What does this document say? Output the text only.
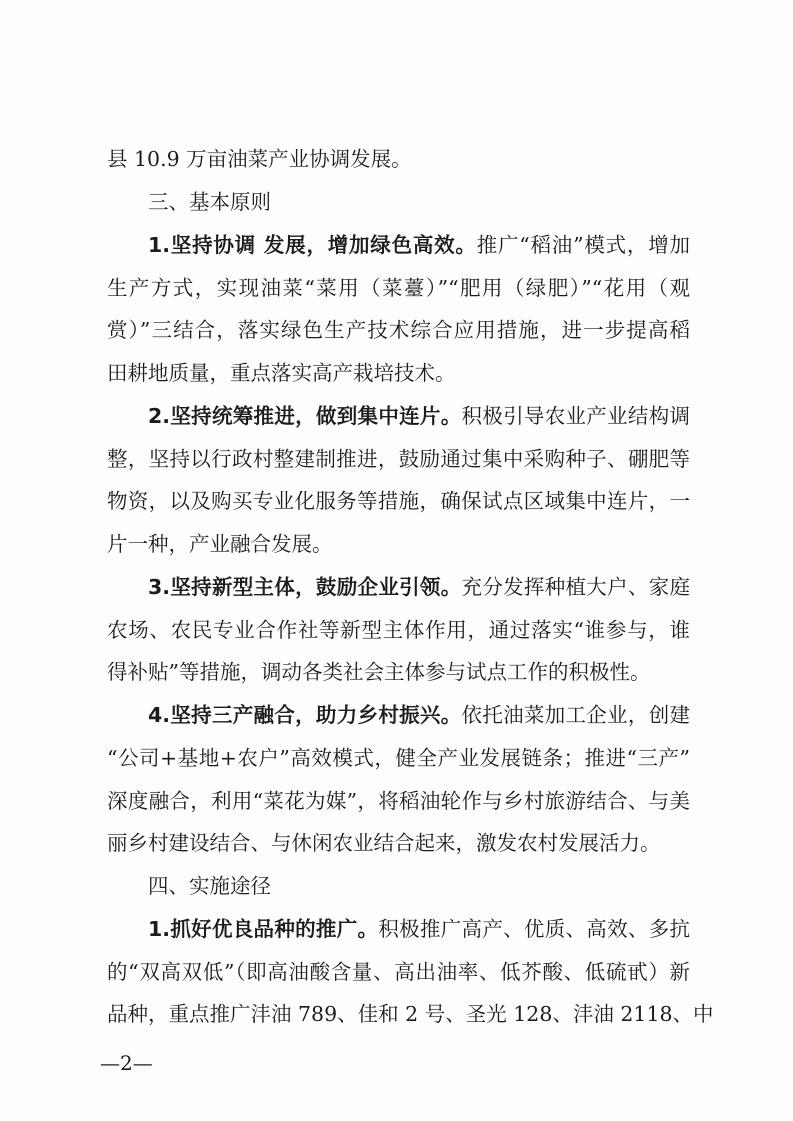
县 10.9 万亩油菜产业协调发展。
三、基本原则
1.坚持协调 发展，增加绿色高效。推广“稻油”模式，增加
生产方式，实现油菜“菜用（菜薹）”“肥用（绿肥）”“花用（观
赏）”三结合，落实绿色生产技术综合应用措施，进一步提高稻
田耕地质量，重点落实高产栽培技术。
2.坚持统筹推进，做到集中连片。积极引导农业产业结构调
整，坚持以行政村整建制推进，鼓励通过集中采购种子、硼肥等
物资，以及购买专业化服务等措施，确保试点区域集中连片，一
片一种，产业融合发展。
3.坚持新型主体，鼓励企业引领。充分发挥种植大户、家庭
农场、农民专业合作社等新型主体作用，通过落实“谁参与，谁
得补贴”等措施，调动各类社会主体参与试点工作的积极性。
4.坚持三产融合，助力乡村振兴。依托油菜加工企业，创建
“公司+基地+农户”高效模式，健全产业发展链条；推进“三产”
深度融合，利用“菜花为媒”，将稻油轮作与乡村旅游结合、与美
丽乡村建设结合、与休闲农业结合起来，激发农村发展活力。
四、实施途径
1.抓好优良品种的推广。积极推广高产、优质、高效、多抗
的“双高双低”（即高油酸含量、高出油率、低芥酸、低硫甙）新
品种，重点推广沣油 789、佳和 2 号、圣光 128、沣油 2118、中
—2—
